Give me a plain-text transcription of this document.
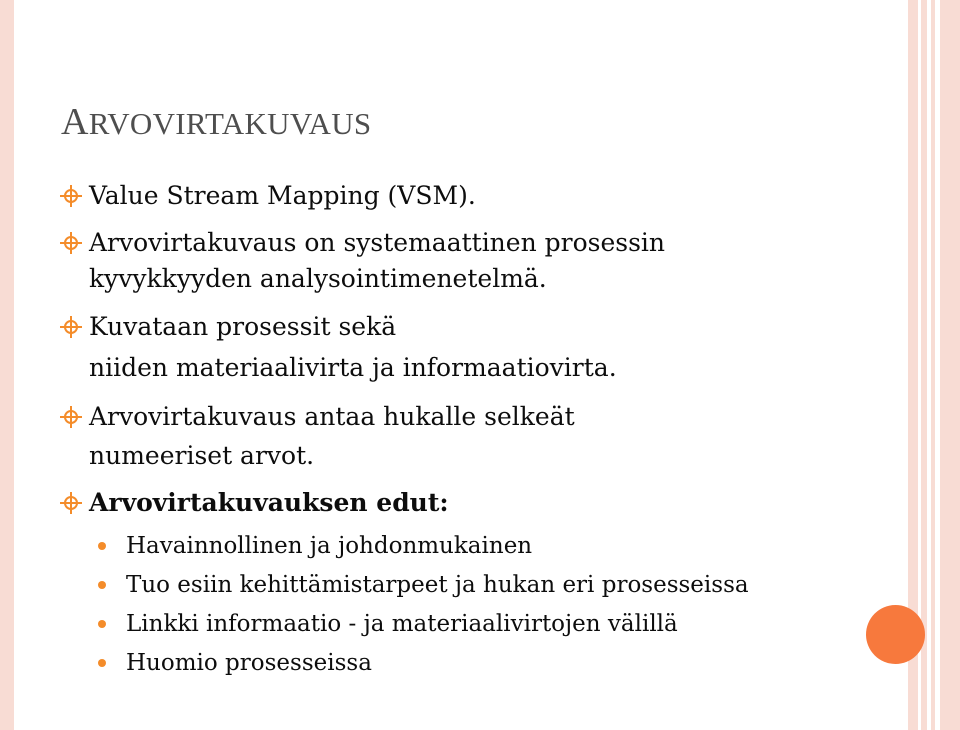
ARVOVIRTAKUVAUS
Value Stream Mapping (VSM).
Arvovirtakuvaus on systemaattinen prosessin
kyvykkyyden analysointimenetelmä.
Kuvataan prosessit sekä
niiden materiaalivirta ja informaatiovirta.
Arvovirtakuvaus antaa hukalle selkeät
numeeriset arvot.
Arvovirtakuvauksen edut:
Havainnollinen ja johdonmukainen
Tuo esiin kehittämistarpeet ja hukan eri prosesseissa
Linkki informaatio - ja materiaalivirtojen välillä
Huomio prosesseissa
